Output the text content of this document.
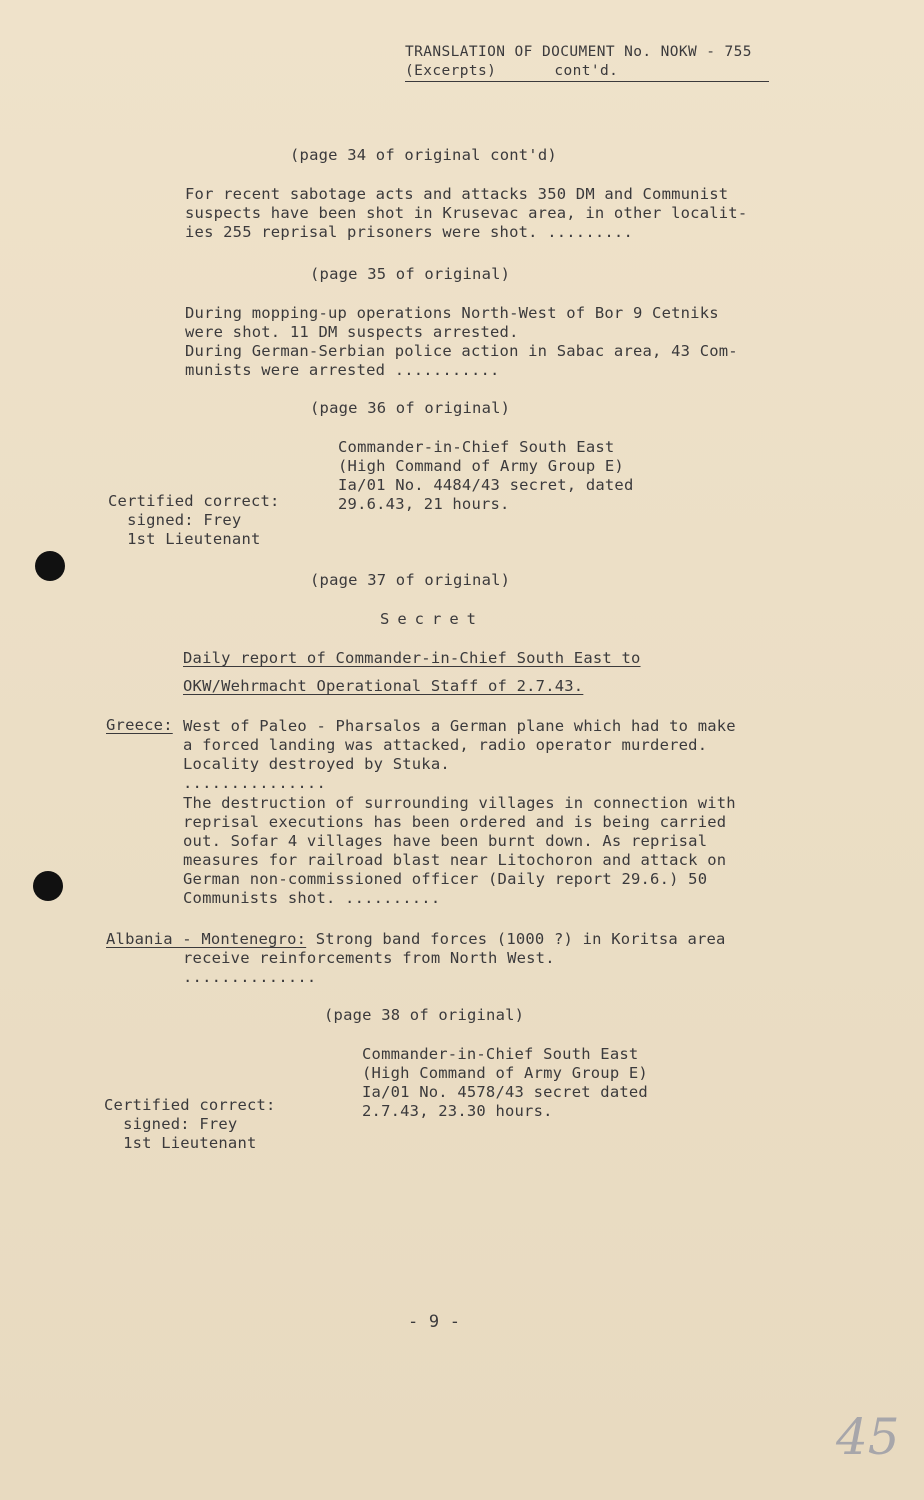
TRANSLATION OF DOCUMENT No. NOKW - 755
(Excerpts)	cont'd.
(page 34 of original cont'd)
For recent sabotage acts and attacks 350 DM and Communist
suspects have been shot in Krusevac area, in other localit-
ies 255 reprisal prisoners were shot. .........
(page 35 of original)
During mopping-up operations North-West of Bor 9 Cetniks
were shot. 11 DM suspects arrested.
During German-Serbian police action in Sabac area, 43 Com-
munists were arrested ...........
(page 36 of original)
Commander-in-Chief South East
(High Command of Army Group E)
Ia/01 No. 4484/43 secret, dated
29.6.43, 21 hours.
Certified correct:
signed: Frey
1st Lieutenant
(page 37 of original)
Secret
Daily report of Commander-in-Chief South East to
OKW/Wehrmacht Operational Staff of 2.7.43.
Greece: West of Paleo - Pharsalos a German plane which had to make
a forced landing was attacked, radio operator murdered.
Locality destroyed by Stuka.
...............
The destruction of surrounding villages in connection with
reprisal executions has been ordered and is being carried
out. Sofar 4 villages have been burnt down. As reprisal
measures for railroad blast near Litochoron and attack on
German non-commissioned officer (Daily report 29.6.) 50
Communists shot. ..........
Albania - Montenegro: Strong band forces (1000 ?) in Koritsa area
receive reinforcements from North West.
..............
(page 38 of original)
Commander-in-Chief South East
(High Command of Army Group E)
Ia/01 No. 4578/43 secret dated
2.7.43, 23.30 hours.
Certified correct:
signed: Frey
1st Lieutenant
- 9 -
45
